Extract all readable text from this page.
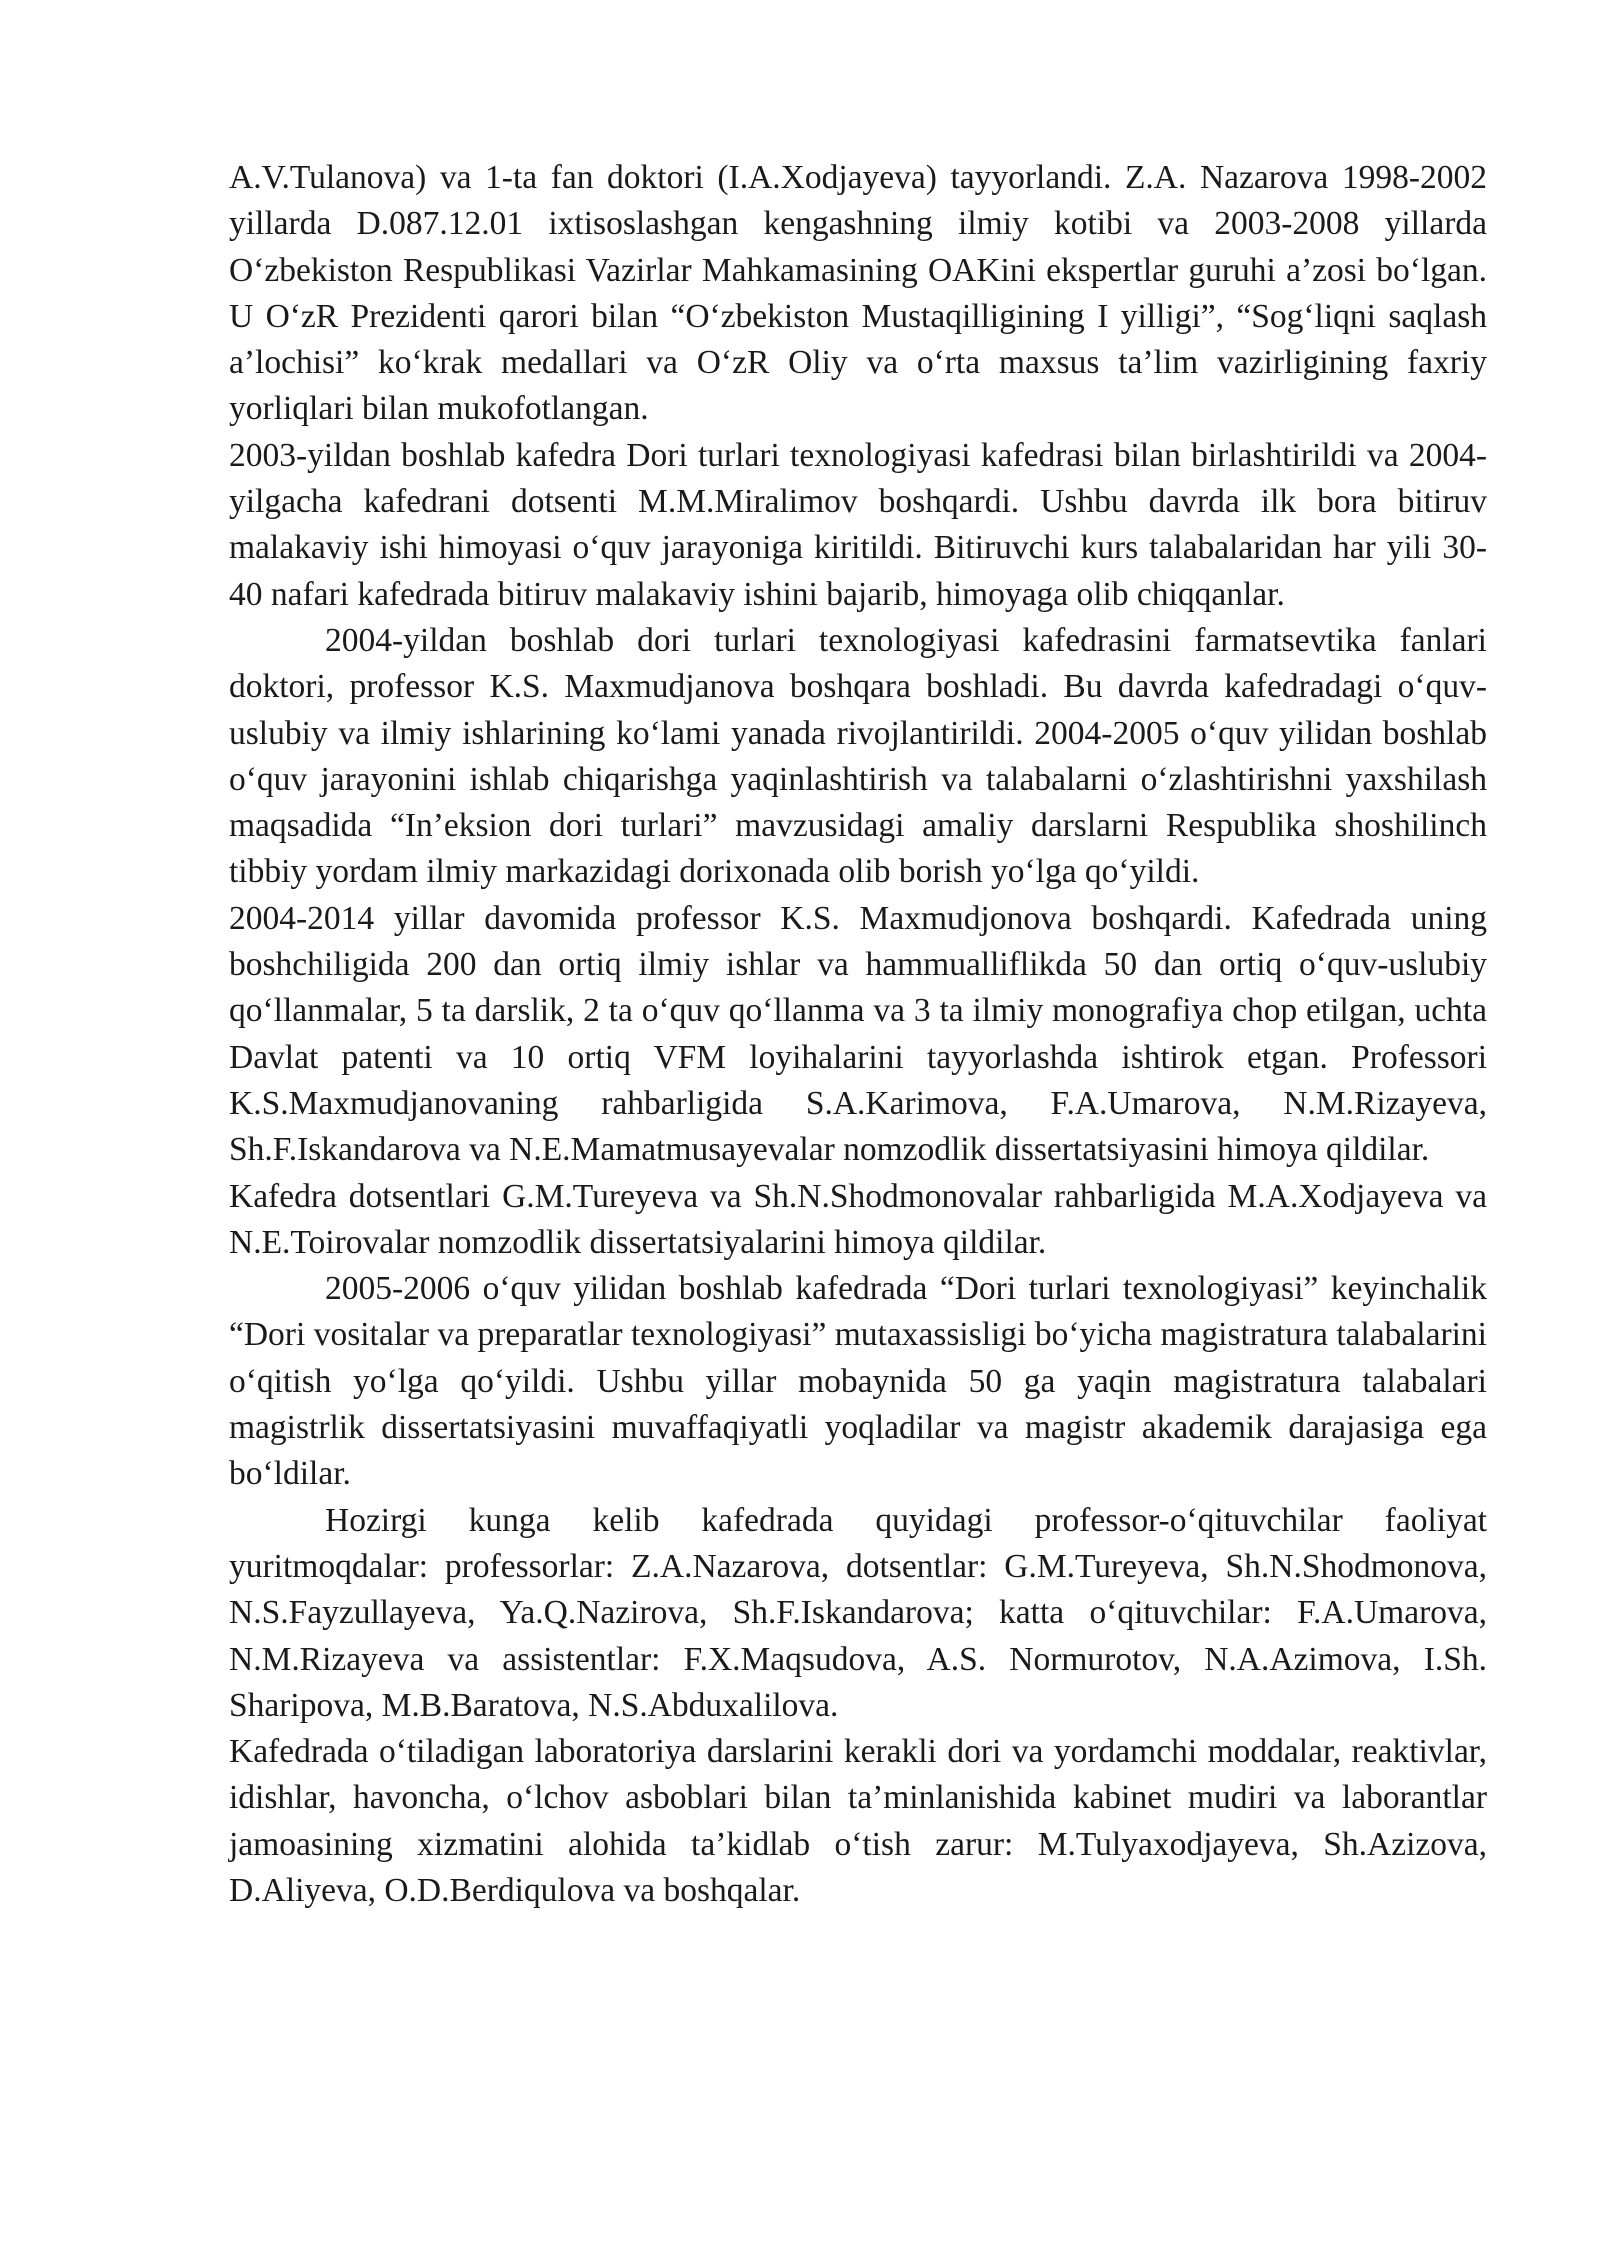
A.V.Tulanova) va 1-ta fan doktori (I.A.Xodjayeva) tayyorlandi. Z.A. Nazarova 1998-2002 yillarda D.087.12.01 ixtisoslashgan kengashning ilmiy kotibi va 2003-2008 yillarda O‘zbekiston Respublikasi Vazirlar Mahkamasining OAKini ekspertlar guruhi a’zosi bo‘lgan. U O‘zR Prezidenti qarori bilan “O‘zbekiston Mustaqilligining I yilligi”, “Sog‘liqni saqlash a’lochisi” ko‘krak medallari va O‘zR Oliy va o‘rta maxsus ta’lim vazirligining faxriy yorliqlari bilan mukofotlangan.

2003-yildan boshlab kafedra Dori turlari texnologiyasi kafedrasi bilan birlashtirildi va 2004-yilgacha kafedrani dotsenti M.M.Miralimov boshqardi. Ushbu davrda ilk bora bitiruv malakaviy ishi himoyasi o‘quv jarayoniga kiritildi. Bitiruvchi kurs talabalaridan har yili 30-40 nafari kafedrada bitiruv malakaviy ishini bajarib, himoyaga olib chiqqanlar.

2004-yildan boshlab dori turlari texnologiyasi kafedrasini farmatsevtika fanlari doktori, professor K.S. Maxmudjanova boshqara boshladi. Bu davrda kafedradagi o‘quv-uslubiy va ilmiy ishlarining ko‘lami yanada rivojlantirildi. 2004-2005 o‘quv yilidan boshlab o‘quv jarayonini ishlab chiqarishga yaqinlashtirish va talabalarni o‘zlashtirishni yaxshilash maqsadida “In’eksion dori turlari” mavzusidagi amaliy darslarni Respublika shoshilinch tibbiy yordam ilmiy markazidagi dorixonada olib borish yo‘lga qo‘yildi.

2004-2014 yillar davomida professor K.S. Maxmudjonova boshqardi. Kafedrada uning boshchiligida 200 dan ortiq ilmiy ishlar va hammualliflikda 50 dan ortiq o‘quv-uslubiy qo‘llanmalar, 5 ta darslik, 2 ta o‘quv qo‘llanma va 3 ta ilmiy monografiya chop etilgan, uchta Davlat patenti va 10 ortiq VFM loyihalarini tayyorlashda ishtirok etgan. Professori K.S.Maxmudjanovaning rahbarligida S.A.Karimova, F.A.Umarova, N.M.Rizayeva, Sh.F.Iskandarova va N.E.Mamatmusayevalar nomzodlik dissertatsiyasini himoya qildilar.

Kafedra dotsentlari G.M.Tureyeva va Sh.N.Shodmonovalar rahbarligida M.A.Xodjayeva va N.E.Toirovalar nomzodlik dissertatsiyalarini himoya qildilar.

2005-2006 o‘quv yilidan boshlab kafedrada “Dori turlari texnologiyasi” keyinchalik “Dori vositalar va preparatlar texnologiyasi” mutaxassisligi bo‘yicha magistratura talabalarini o‘qitish yo‘lga qo‘yildi. Ushbu yillar mobaynida 50 ga yaqin magistratura talabalari magistrlik dissertatsiyasini muvaffaqiyatli yoqladilar va magistr akademik darajasiga ega bo‘ldilar.

Hozirgi kunga kelib kafedrada quyidagi professor-o‘qituvchilar faoliyat yuritmoqdalar: professorlar: Z.A.Nazarova, dotsentlar: G.M.Tureyeva, Sh.N.Shodmonova, N.S.Fayzullayeva, Ya.Q.Nazirova, Sh.F.Iskandarova; katta o‘qituvchilar: F.A.Umarova, N.M.Rizayeva va assistentlar: F.X.Maqsudova, A.S. Normurotov, N.A.Azimova, I.Sh. Sharipova, M.B.Baratova, N.S.Abduxalilova.

Kafedrada o‘tiladigan laboratoriya darslarini kerakli dori va yordamchi moddalar, reaktivlar, idishlar, havoncha, o‘lchov asboblari bilan ta’minlanishida kabinet mudiri va laborantlar jamoasining xizmatini alohida ta’kidlab o‘tish zarur: M.Tulyaxodjayeva, Sh.Azizova, D.Aliyeva, O.D.Berdiqulova va boshqalar.
